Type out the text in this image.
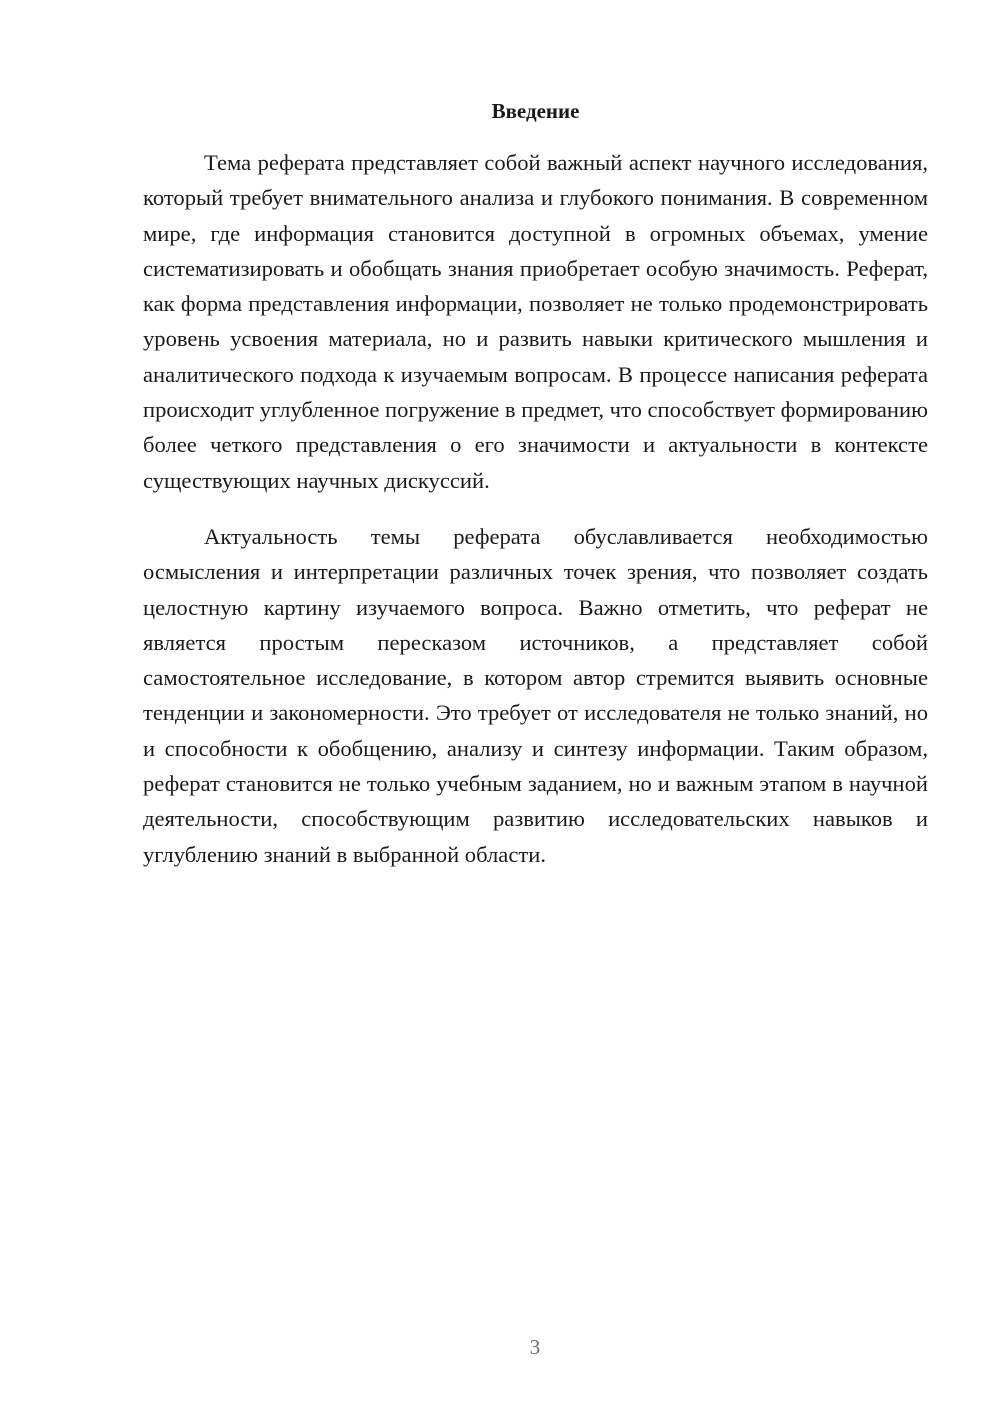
Введение

Тема реферата представляет собой важный аспект научного исследования, который требует внимательного анализа и глубокого понимания. В современном мире, где информация становится доступной в огромных объемах, умение систематизировать и обобщать знания приобретает особую значимость. Реферат, как форма представления информации, позволяет не только продемонстрировать уровень усвоения материала, но и развить навыки критического мышления и аналитического подхода к изучаемым вопросам. В процессе написания реферата происходит углубленное погружение в предмет, что способствует формированию более четкого представления о его значимости и актуальности в контексте существующих научных дискуссий.

Актуальность темы реферата обуславливается необходимостью осмысления и интерпретации различных точек зрения, что позволяет создать целостную картину изучаемого вопроса. Важно отметить, что реферат не является простым пересказом источников, а представляет собой самостоятельное исследование, в котором автор стремится выявить основные тенденции и закономерности. Это требует от исследователя не только знаний, но и способности к обобщению, анализу и синтезу информации. Таким образом, реферат становится не только учебным заданием, но и важным этапом в научной деятельности, способствующим развитию исследовательских навыков и углублению знаний в выбранной области.

3
